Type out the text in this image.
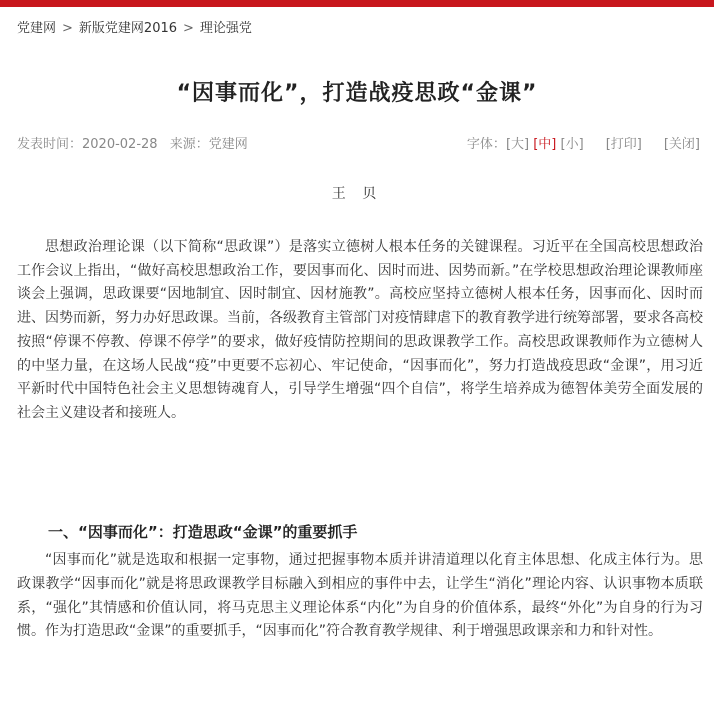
党建网 > 新版党建网2016 > 理论强党
“因事而化”，打造战疫思政“金课”
发表时间：2020-02-28 来源：党建网	字体：[大] [中] [小] [打印] [关闭]
王 贝

思想政治理论课（以下简称“思政课”）是落实立德树人根本任务的关键课程。习近平在全国高校思想政治工作会议上指出，“做好高校思想政治工作，要因事而化、因时而进、因势而新。”在学校思想政治理论课教师座谈会上强调，思政课要“因地制宜、因时制宜、因材施教”。高校应坚持立德树人根本任务，因事而化、因时而进、因势而新，努力办好思政课。当前，各级教育主管部门对疫情肆虐下的教育教学进行统筹部署，要求各高校按照“停课不停教、停课不停学”的要求，做好疫情防控期间的思政课教学工作。高校思政课教师作为立德树人的中坚力量，在这场人民战“疫”中更要不忘初心、牢记使命，“因事而化”，努力打造战疫思政“金课”，用习近平新时代中国特色社会主义思想铸魂育人，引导学生增强“四个自信”，将学生培养成为德智体美劳全面发展的社会主义建设者和接班人。

一、“因事而化”：打造思政“金课”的重要抓手

“因事而化”就是选取和根据一定事物，通过把握事物本质并讲清道理以化育主体思想、化成主体行为。思政课教学“因事而化”就是将思政课教学目标融入到相应的事件中去，让学生“消化”理论内容、认识事物本质联系，“强化”其情感和价值认同，将马克思主义理论体系“内化”为自身的价值体系，最终“外化”为自身的行为习惯。作为打造思政“金课”的重要抓手，“因事而化”符合教育教学规律、利于增强思政课亲和力和针对性。
